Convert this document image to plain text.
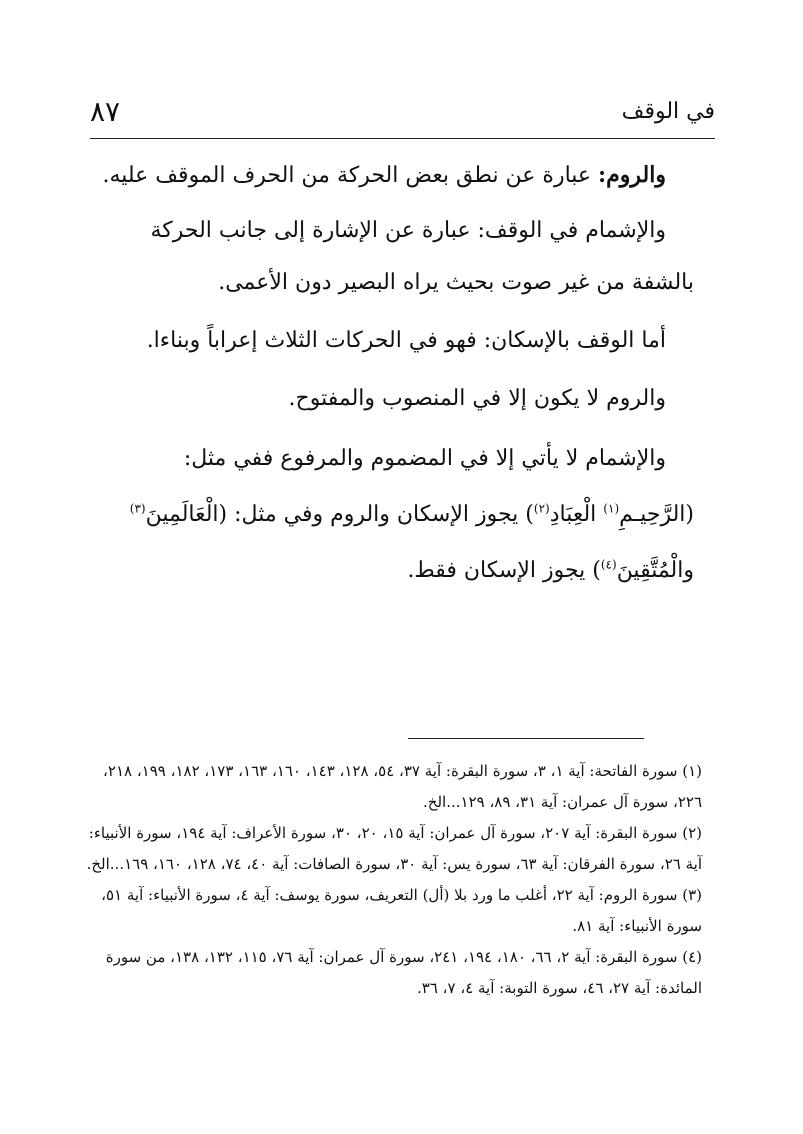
٨٧	في الوقف

والروم: عبارة عن نطق بعض الحركة من الحرف الموقف عليه.

والإشمام في الوقف: عبارة عن الإشارة إلى جانب الحركة بالشفة من غير صوت بحيث يراه البصير دون الأعمى.

أما الوقف بالإسكان: فهو في الحركات الثلاث إعراباً وبناءا.

والروم لا يكون إلا في المنصوب والمفتوح.

والإشمام لا يأتي إلا في المضموم والمرفوع ففي مثل: (الرَّحِيـمِ$^{(١)}$ الْعِبَادِ$^{(٢)}$) يجوز الإسكان والروم وفي مثل: (الْعَالَمِينَ$^{(٣)}$ والْمُتَّقِينَ$^{(٤)}$) يجوز الإسكان فقط.

(١) سورة الفاتحة: آية ١، ٣، سورة البقرة: آية ٣٧، ٥٤، ١٢٨، ١٤٣، ١٦٠، ١٦٣، ١٧٣، ١٨٢، ١٩٩، ٢١٨، ٢٢٦، سورة آل عمران: آية ٣١، ٨٩، ١٢٩...الخ.

(٢) سورة البقرة: آية ٢٠٧، سورة آل عمران: آية ١٥، ٢٠، ٣٠، سورة الأعراف: آية ١٩٤، سورة الأنبياء: آية ٢٦، سورة الفرقان: آية ٦٣، سورة يس: آية ٣٠، سورة الصافات: آية ٤٠، ٧٤، ١٢٨، ١٦٠، ١٦٩...الخ.

(٣) سورة الروم: آية ٢٢، أغلب ما ورد بلا (أل) التعريف، سورة يوسف: آية ٤، سورة الأنبياء: آية ٥١، سورة الأنبياء: آية ٨١.

(٤) سورة البقرة: آية ٢، ٦٦، ١٨٠، ١٩٤، ٢٤١، سورة آل عمران: آية ٧٦، ١١٥، ١٣٢، ١٣٨، من سورة المائدة: آية ٢٧، ٤٦، سورة التوبة: آية ٤، ٧، ٣٦.
